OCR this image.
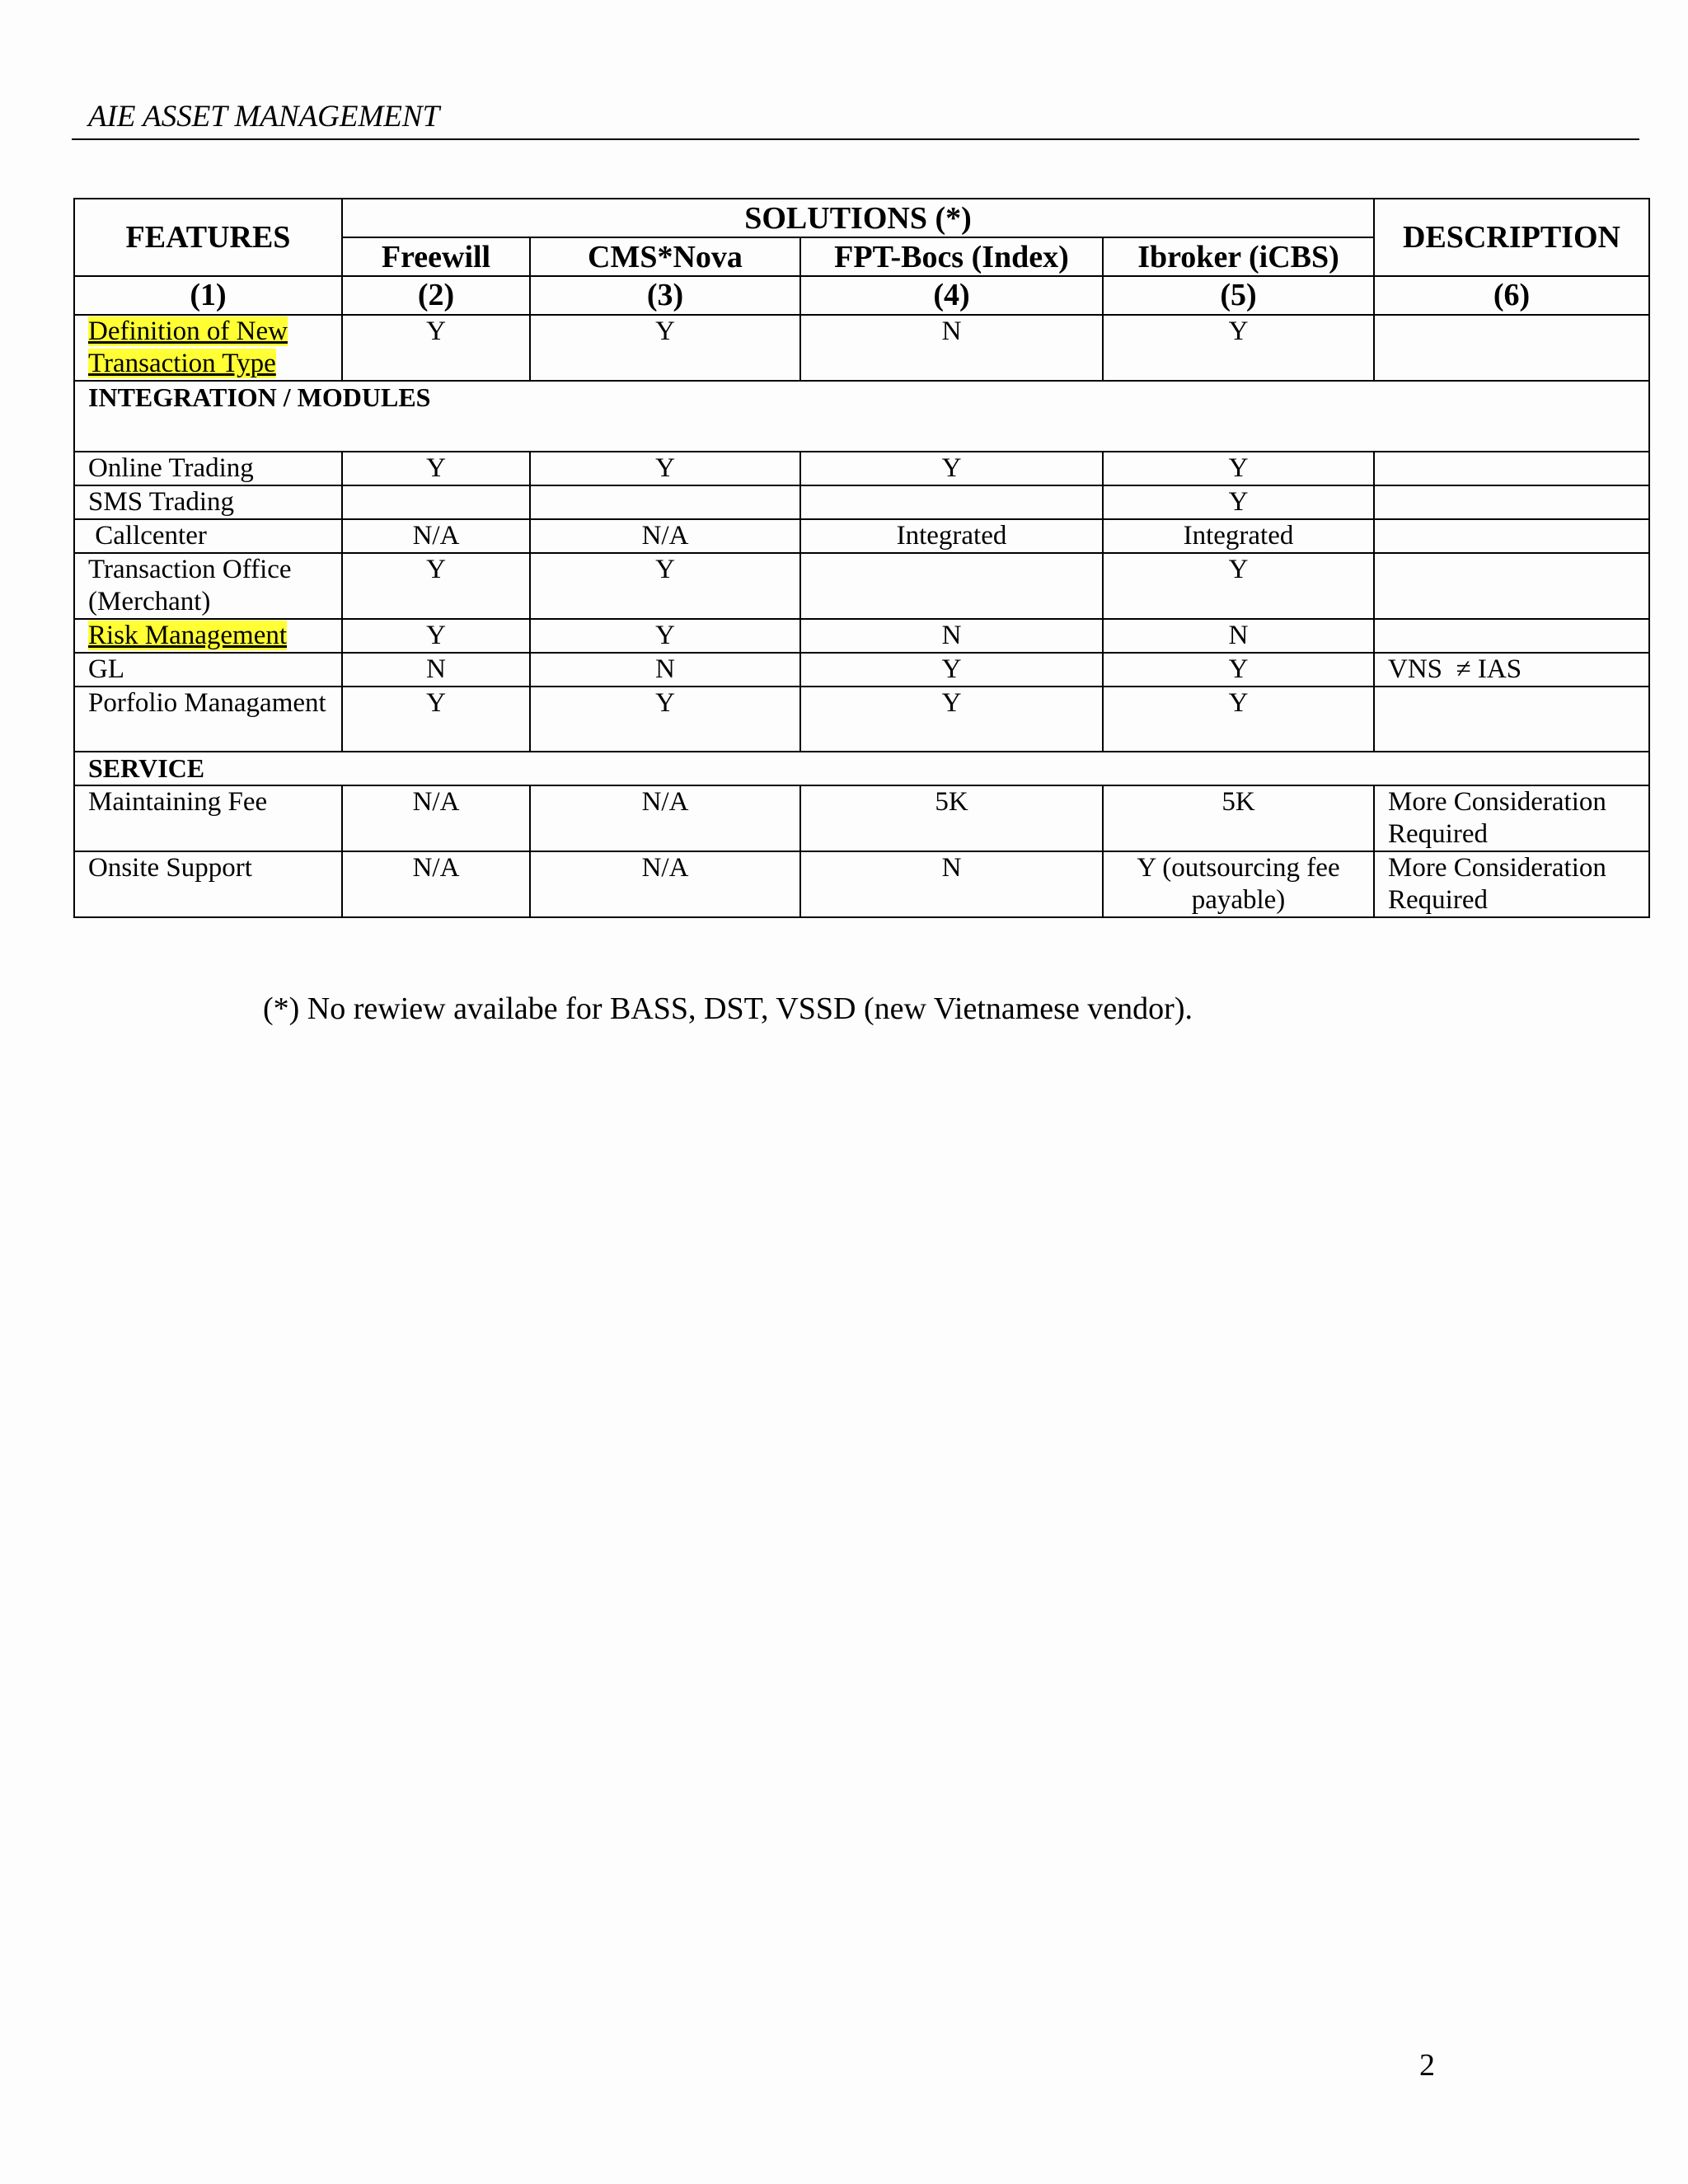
AIE ASSET MANAGEMENT
FEATURES	SOLUTIONS (*)				DESCRIPTION
	Freewill	CMS*Nova	FPT-Bocs (Index)	Ibroker (iCBS)	
(1)	(2)	(3)	(4)	(5)	(6)
Definition of New Transaction Type	Y	Y	N	Y	
INTEGRATION / MODULES					
Online Trading	Y	Y	Y	Y	
SMS Trading				Y	
Callcenter	N/A	N/A	Integrated	Integrated	
Transaction Office (Merchant)	Y	Y		Y	
Risk Management	Y	Y	N	N	
GL	N	N	Y	Y	VNS  ≠ IAS
Porfolio Managament	Y	Y	Y	Y	
SERVICE					
Maintaining Fee	N/A	N/A	5K	5K	More Consideration Required
Onsite Support	N/A	N/A	N	Y (outsourcing fee payable)	More Consideration Required
(*) No rewiew availabe for BASS, DST, VSSD (new Vietnamese vendor).
2
